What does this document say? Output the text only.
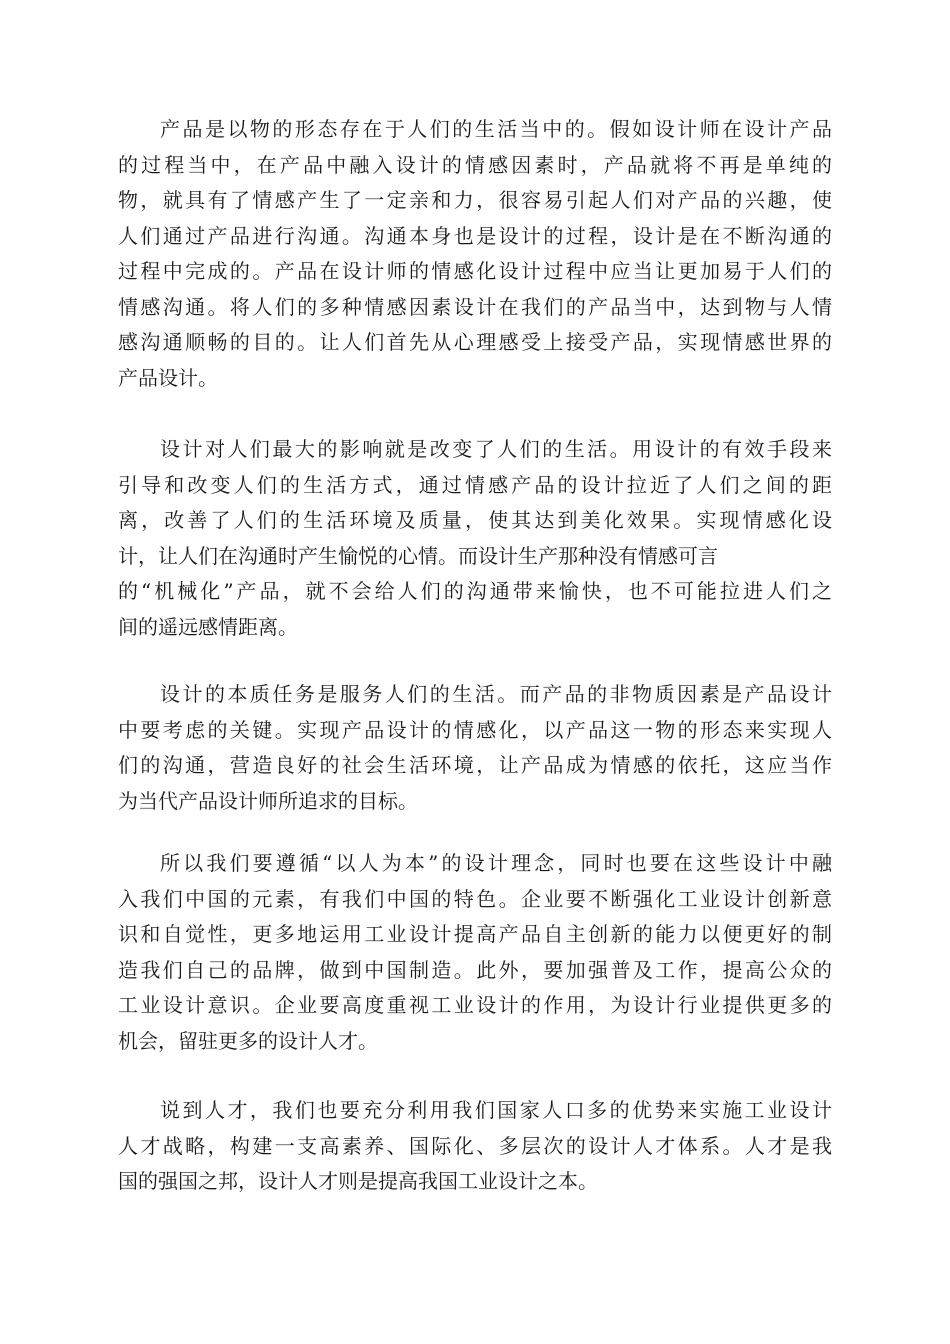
产品是以物的形态存在于人们的生活当中的。假如设计师在设计产品
的过程当中，在产品中融入设计的情感因素时，产品就将不再是单纯的
物，就具有了情感产生了一定亲和力，很容易引起人们对产品的兴趣，使
人们通过产品进行沟通。沟通本身也是设计的过程，设计是在不断沟通的
过程中完成的。产品在设计师的情感化设计过程中应当让更加易于人们的
情感沟通。将人们的多种情感因素设计在我们的产品当中，达到物与人情
感沟通顺畅的目的。让人们首先从心理感受上接受产品，实现情感世界的
产品设计。
设计对人们最大的影响就是改变了人们的生活。用设计的有效手段来
引导和改变人们的生活方式，通过情感产品的设计拉近了人们之间的距
离，改善了人们的生活环境及质量，使其达到美化效果。实现情感化设
计，让人们在沟通时产生愉悦的心情。而设计生产那种没有情感可言
的“机械化”产品，就不会给人们的沟通带来愉快，也不可能拉进人们之
间的遥远感情距离。
设计的本质任务是服务人们的生活。而产品的非物质因素是产品设计
中要考虑的关键。实现产品设计的情感化，以产品这一物的形态来实现人
们的沟通，营造良好的社会生活环境，让产品成为情感的依托，这应当作
为当代产品设计师所追求的目标。
所以我们要遵循“以人为本”的设计理念，同时也要在这些设计中融
入我们中国的元素，有我们中国的特色。企业要不断强化工业设计创新意
识和自觉性，更多地运用工业设计提高产品自主创新的能力以便更好的制
造我们自己的品牌，做到中国制造。此外，要加强普及工作，提高公众的
工业设计意识。企业要高度重视工业设计的作用，为设计行业提供更多的
机会，留驻更多的设计人才。
说到人才，我们也要充分利用我们国家人口多的优势来实施工业设计
人才战略，构建一支高素养、国际化、多层次的设计人才体系。人才是我
国的强国之邦，设计人才则是提高我国工业设计之本。
